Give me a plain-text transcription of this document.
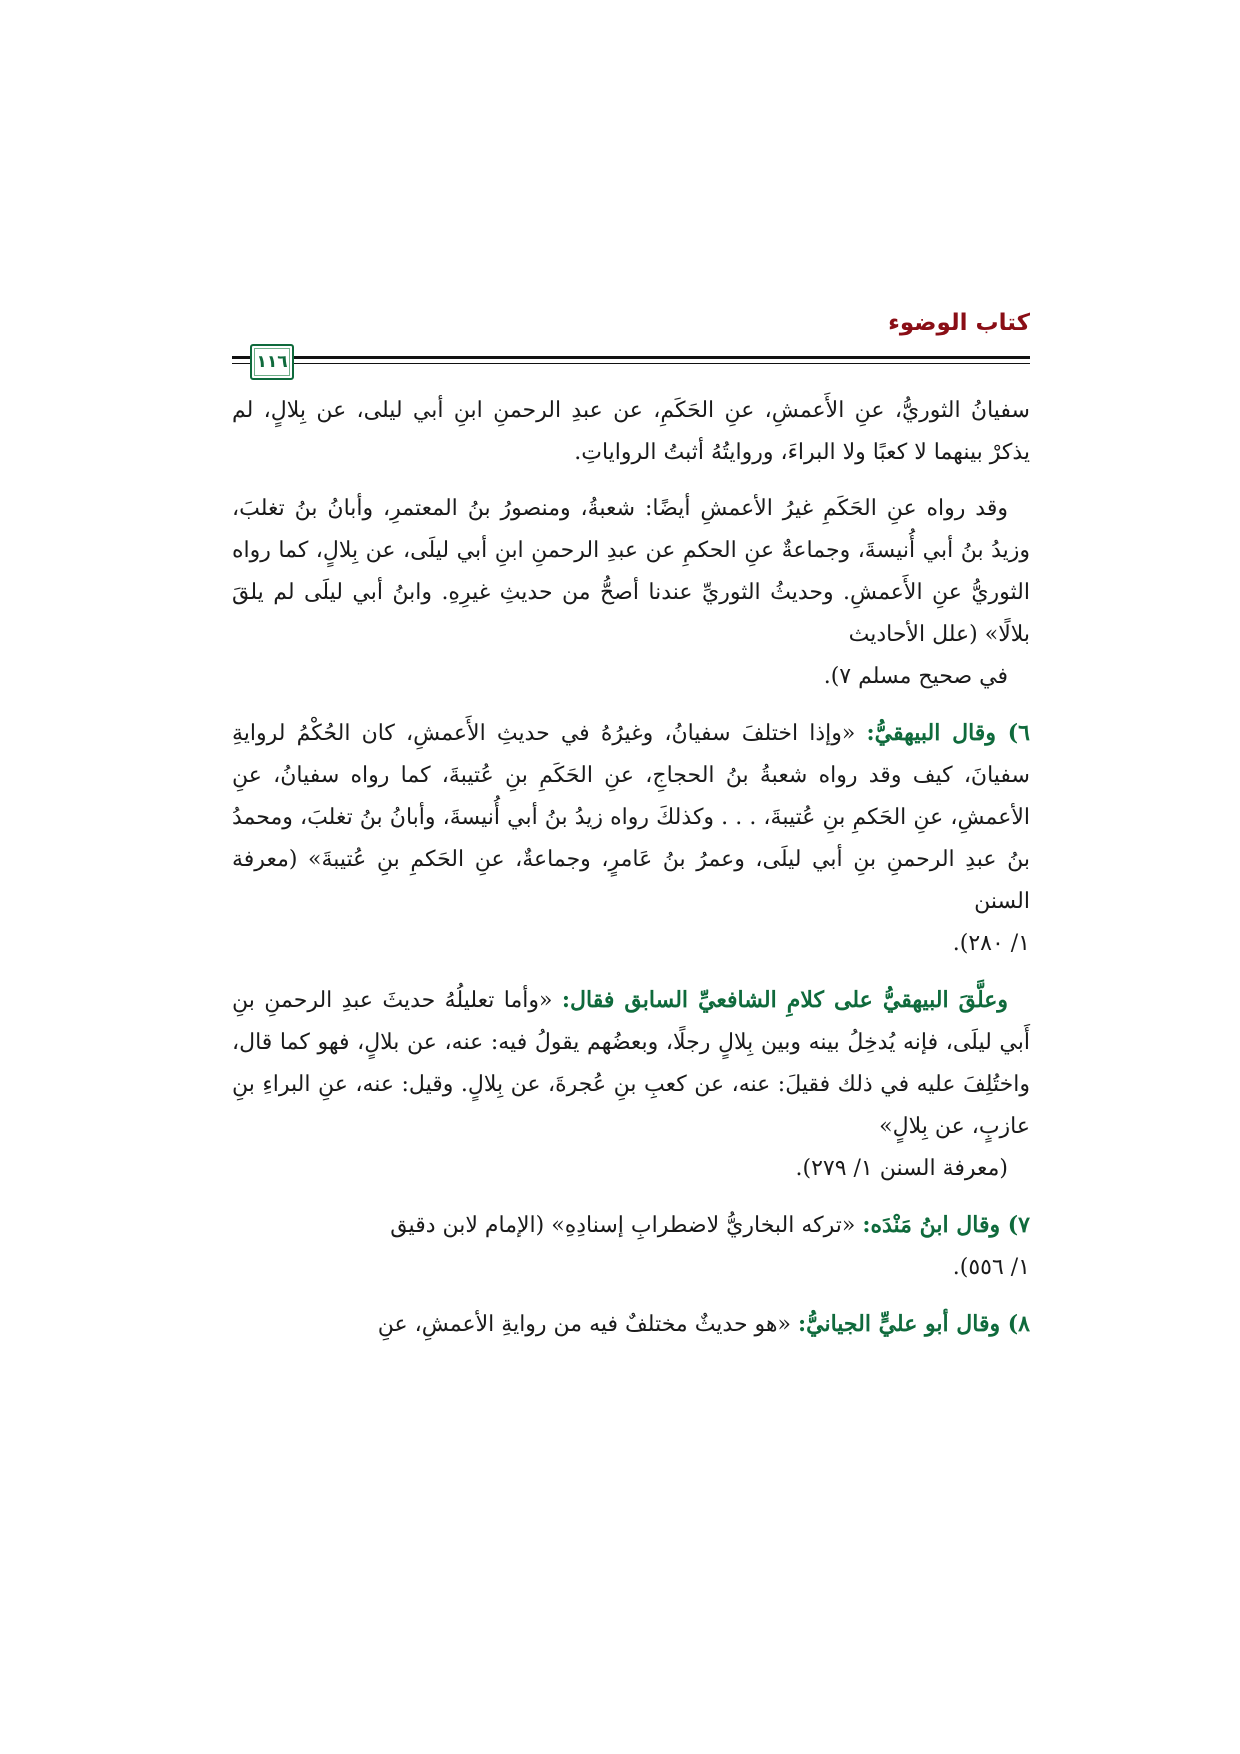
كتاب الوضوء
١١٦

سفيانُ الثوريُّ، عنِ الأَعمشِ، عنِ الحَكَمِ، عن عبدِ الرحمنِ ابنِ أبي ليلى، عن بِلالٍ، لم يذكرْ بينهما لا كعبًا ولا البراءَ، وروايتُهُ أثبتُ الرواياتِ.

وقد رواه عنِ الحَكَمِ غيرُ الأعمشِ أيضًا: شعبةُ، ومنصورُ بنُ المعتمرِ، وأبانُ بنُ تغلبَ، وزيدُ بنُ أبي أُنيسةَ، وجماعةٌ عنِ الحكمِ عن عبدِ الرحمنِ ابنِ أبي ليلَى، عن بِلالٍ، كما رواه الثوريُّ عنِ الأَعمشِ. وحديثُ الثوريِّ عندنا أصحُّ من حديثِ غيرِهِ. وابنُ أبي ليلَى لم يلقَ بلالًا» (علل الأحاديث
في صحيح مسلم ٧).

٦) وقال البيهقيُّ: «وإذا اختلفَ سفيانُ، وغيرُهُ في حديثِ الأَعمشِ، كان الحُكْمُ لروايةِ سفيانَ، كيف وقد رواه شعبةُ بنُ الحجاجِ، عنِ الحَكَمِ بنِ عُتيبةَ، كما رواه سفيانُ، عنِ الأعمشِ، عنِ الحَكمِ بنِ عُتيبةَ، . . . وكذلكَ رواه زيدُ بنُ أبي أُنيسةَ، وأبانُ بنُ تغلبَ، ومحمدُ بنُ عبدِ الرحمنِ بنِ أبي ليلَى، وعمرُ بنُ عَامرٍ، وجماعةٌ، عنِ الحَكمِ بنِ عُتيبةَ» (معرفة السنن
١/ ٢٨٠).

وعلَّقَ البيهقيُّ على كلامِ الشافعيِّ السابق فقال: «وأما تعليلُهُ حديثَ عبدِ الرحمنِ بنِ أَبي ليلَى، فإنه يُدخِلُ بينه وبين بِلالٍ رجلًا، وبعضُهم يقولُ فيه: عنه، عن بلالٍ، فهو كما قال، واختُلِفَ عليه في ذلك فقيلَ: عنه، عن كعبِ بنِ عُجرةَ، عن بِلالٍ. وقيل: عنه، عنِ البراءِ بنِ عازبٍ، عن بِلالٍ»
(معرفة السنن ١/ ٢٧٩).

٧) وقال ابنُ مَنْدَه: «تركه البخاريُّ لاضطرابِ إسنادِهِ» (الإمام لابن دقيق
١/ ٥٥٦).

٨) وقال أبو عليٍّ الجيانيُّ: «هو حديثٌ مختلفٌ فيه من روايةِ الأعمشِ، عنِ
